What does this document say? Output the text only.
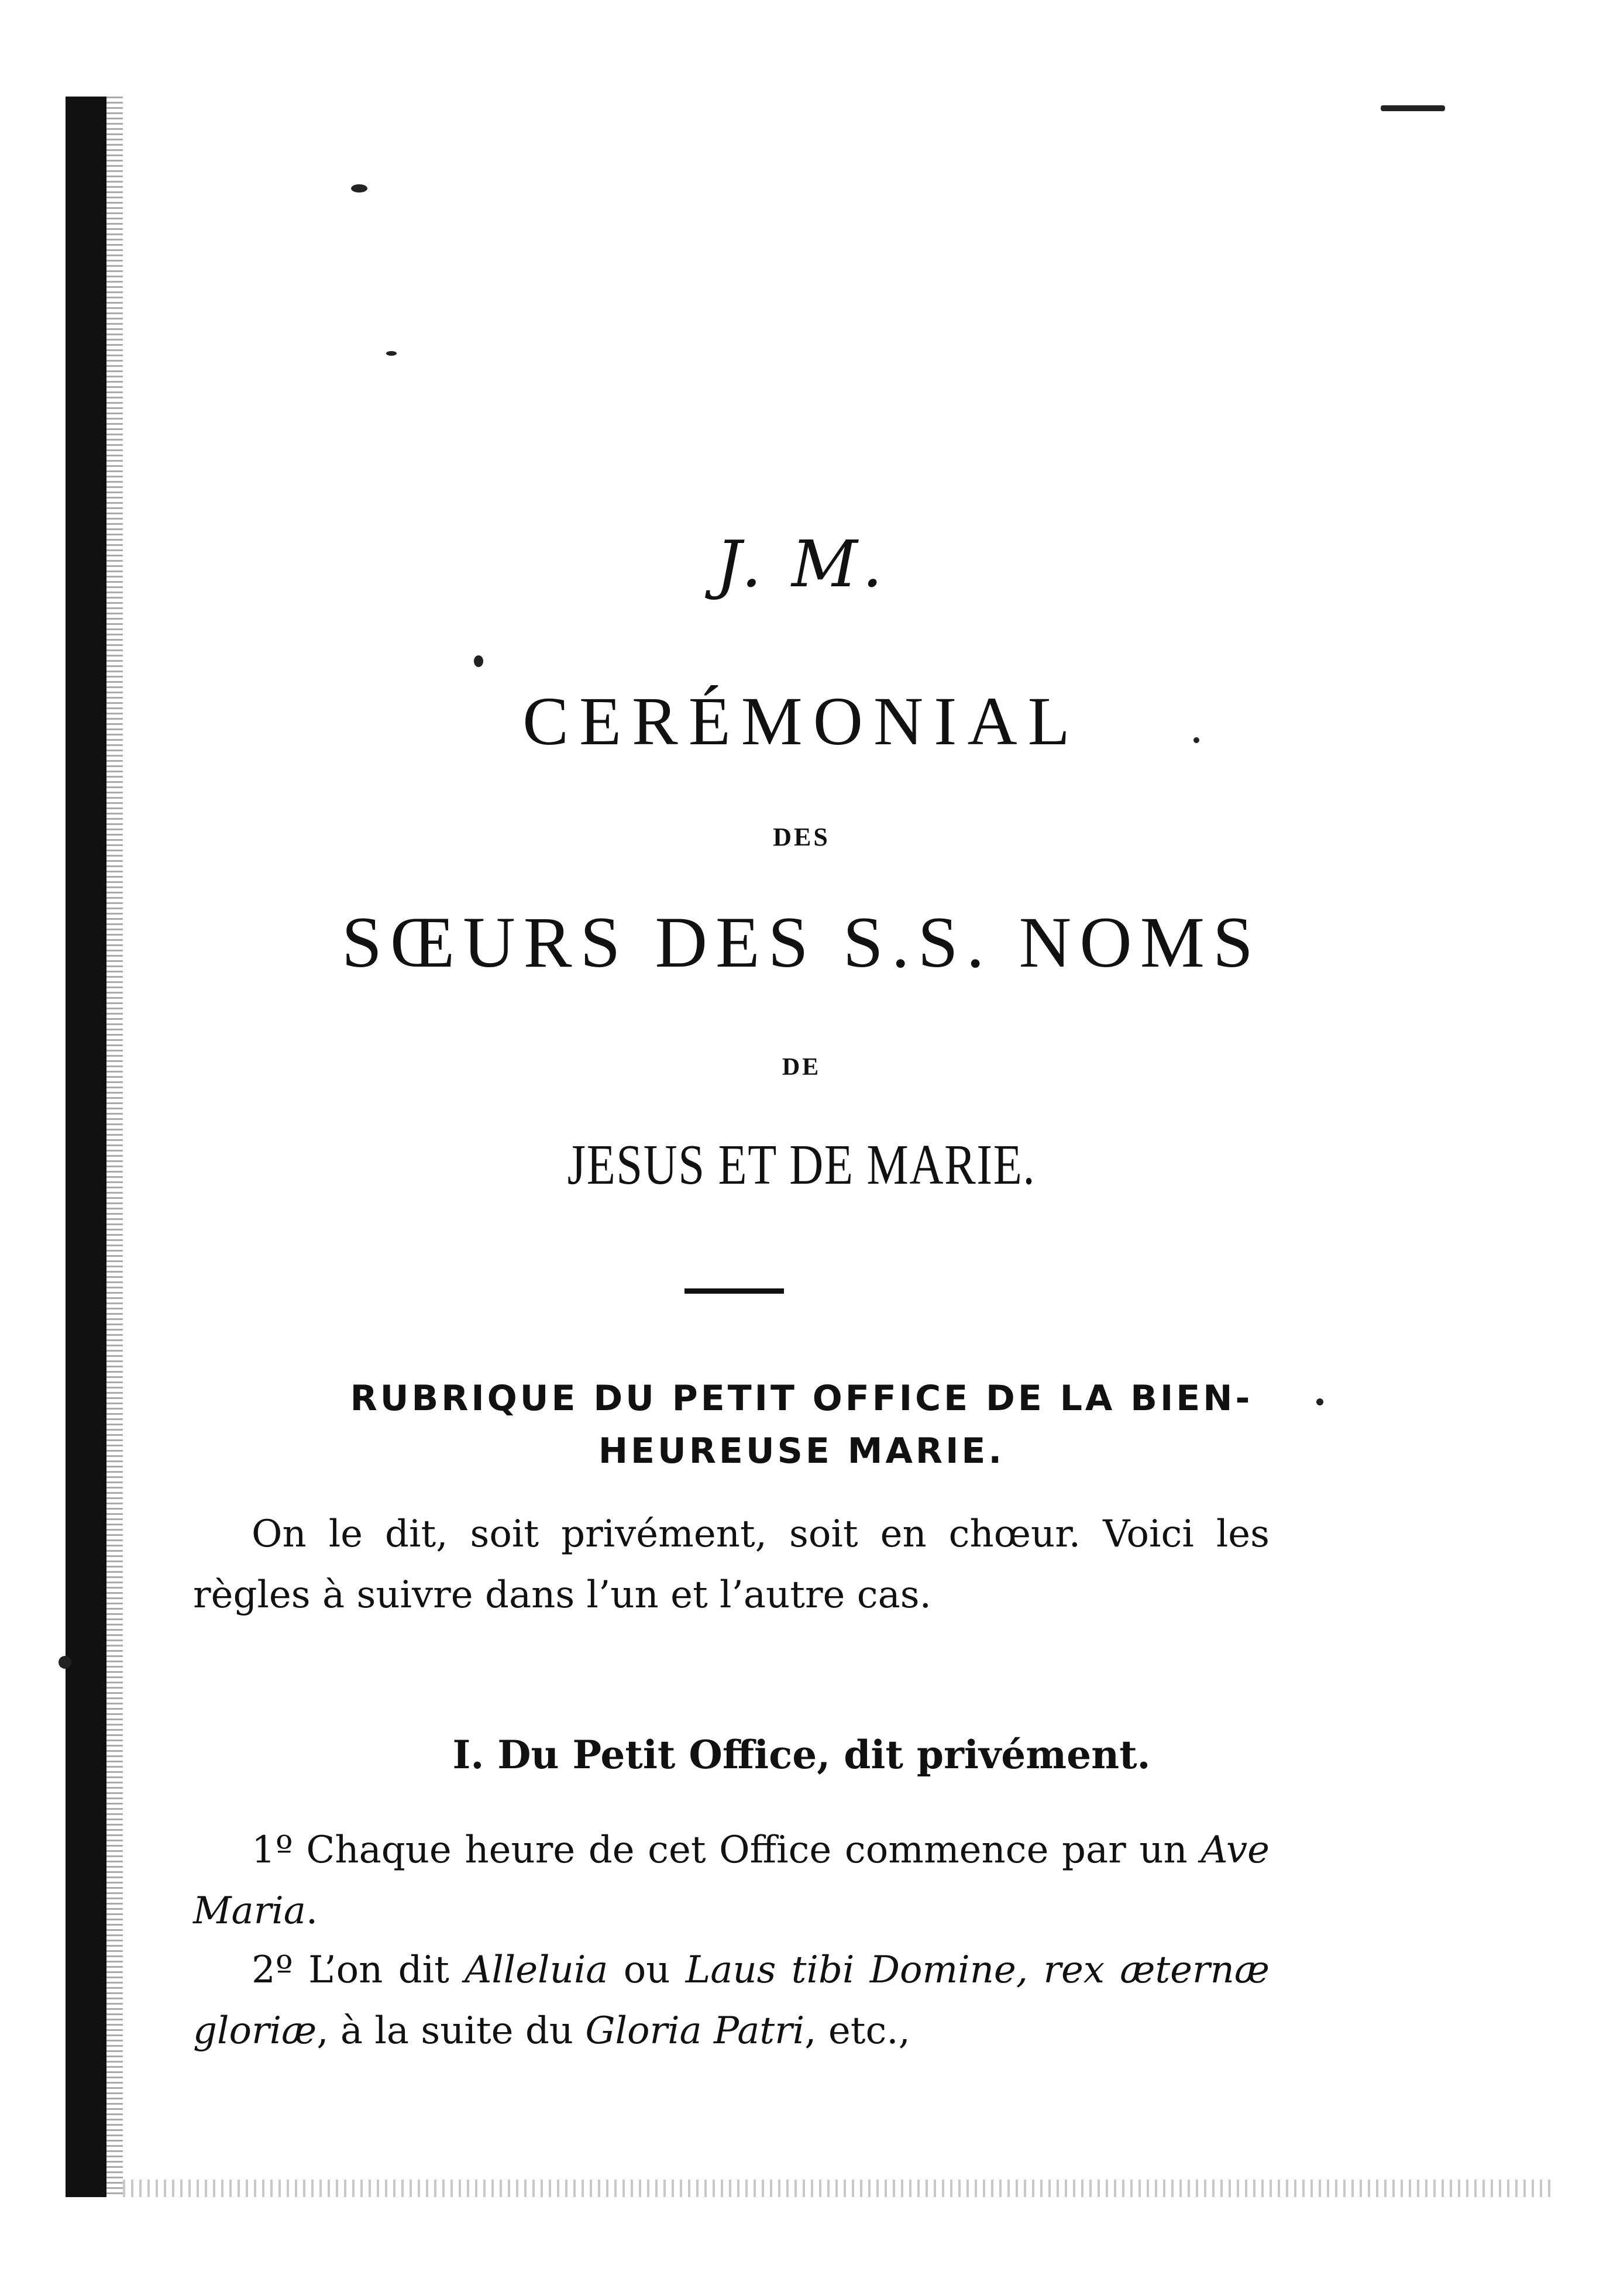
J. M.
CERÉMONIAL
DES
SŒURS DES S.S. NOMS
DE
JESUS ET DE MARIE.
RUBRIQUE DU PETIT OFFICE DE LA BIEN-
HEUREUSE MARIE.
On le dit, soit privément, soit en chœur. Voici les règles à suivre dans l’un et l’autre cas.
I. Du Petit Office, dit privément.
1º Chaque heure de cet Office commence par un Ave Maria.
2º L’on dit Alleluia ou Laus tibi Domine, rex æternæ gloriæ, à la suite du Gloria Patri, etc.,
